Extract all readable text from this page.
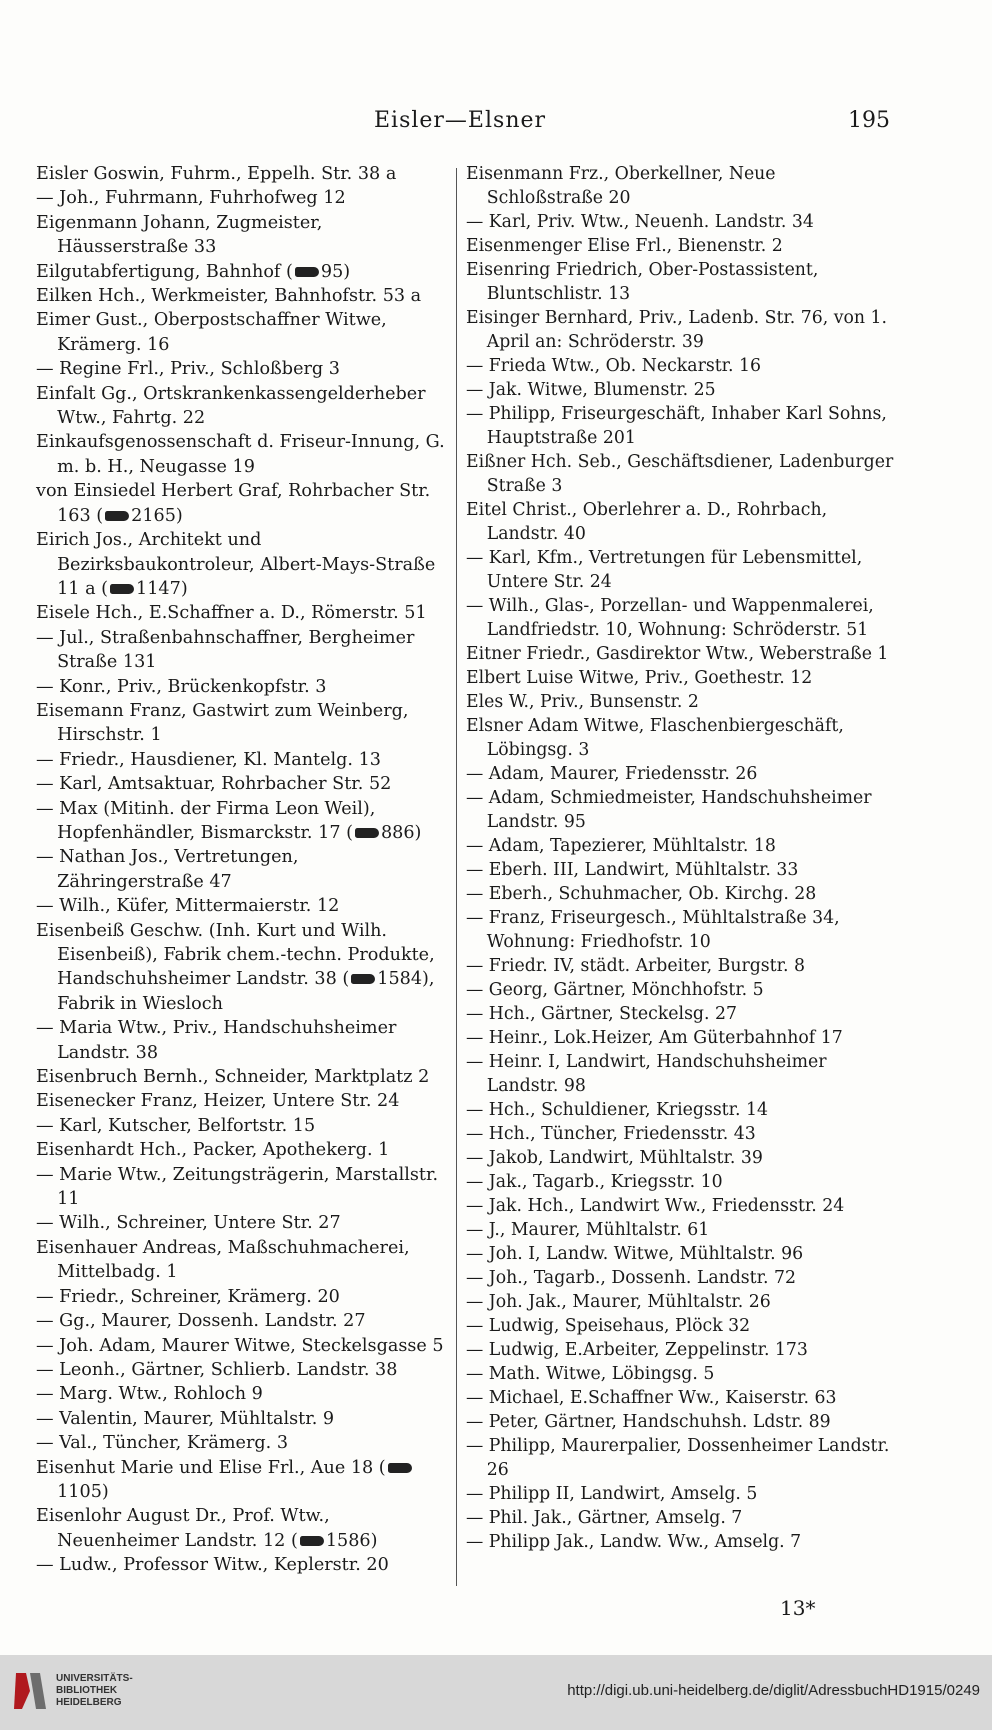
Eisler—Elsner	195
Eisler Goswin, Fuhrm., Eppelh. Str. 38 a
— Joh., Fuhrmann, Fuhrhofweg 12
Eigenmann Johann, Zugmeister, Häusserstraße 33
Eilgutabfertigung, Bahnhof ( 95)
Eilken Hch., Werkmeister, Bahnhofstr. 53 a
Eimer Gust., Oberpostschaffner Witwe, Krämerg. 16
— Regine Frl., Priv., Schloßberg 3
Einfalt Gg., Ortskrankenkassengelderheber Wtw., Fahrtg. 22
Einkaufsgenossenschaft d. Friseur-Innung, G. m. b. H., Neugasse 19
von Einsiedel Herbert Graf, Rohrbacher Str. 163 ( 2165)
Eirich Jos., Architekt und Bezirksbaukontroleur, Albert-Mays-Straße 11 a ( 1147)
Eisele Hch., E.Schaffner a. D., Römerstr. 51
— Jul., Straßenbahnschaffner, Bergheimer Straße 131
— Konr., Priv., Brückenkopfstr. 3
Eisemann Franz, Gastwirt zum Weinberg, Hirschstr. 1
— Friedr., Hausdiener, Kl. Mantelg. 13
— Karl, Amtsaktuar, Rohrbacher Str. 52
— Max (Mitinh. der Firma Leon Weil), Hopfenhändler, Bismarckstr. 17 ( 886)
— Nathan Jos., Vertretungen, Zähringerstraße 47
— Wilh., Küfer, Mittermaierstr. 12
Eisenbeiß Geschw. (Inh. Kurt und Wilh. Eisenbeiß), Fabrik chem.-techn. Produkte, Handschuhsheimer Landstr. 38 ( 1584), Fabrik in Wiesloch
— Maria Wtw., Priv., Handschuhsheimer Landstr. 38
Eisenbruch Bernh., Schneider, Marktplatz 2
Eisenecker Franz, Heizer, Untere Str. 24
— Karl, Kutscher, Belfortstr. 15
Eisenhardt Hch., Packer, Apothekerg. 1
— Marie Wtw., Zeitungsträgerin, Marstallstr. 11
— Wilh., Schreiner, Untere Str. 27
Eisenhauer Andreas, Maßschuhmacherei, Mittelbadg. 1
— Friedr., Schreiner, Krämerg. 20
— Gg., Maurer, Dossenh. Landstr. 27
— Joh. Adam, Maurer Witwe, Steckelsgasse 5
— Leonh., Gärtner, Schlierb. Landstr. 38
— Marg. Wtw., Rohloch 9
— Valentin, Maurer, Mühltalstr. 9
— Val., Tüncher, Krämerg. 3
Eisenhut Marie und Elise Frl., Aue 18 (1105)
Eisenlohr August Dr., Prof. Wtw., Neuenheimer Landstr. 12 ( 1586)
— Ludw., Professor Witw., Keplerstr. 20
Eisenmann Frz., Oberkellner, Neue Schloßstraße 20
— Karl, Priv. Wtw., Neuenh. Landstr. 34
Eisenmenger Elise Frl., Bienenstr. 2
Eisenring Friedrich, Ober-Postassistent, Bluntschlistr. 13
Eisinger Bernhard, Priv., Ladenb. Str. 76, von 1. April an: Schröderstr. 39
— Frieda Wtw., Ob. Neckarstr. 16
— Jak. Witwe, Blumenstr. 25
— Philipp, Friseurgeschäft, Inhaber Karl Sohns, Hauptstraße 201
Eißner Hch. Seb., Geschäftsdiener, Ladenburger Straße 3
Eitel Christ., Oberlehrer a. D., Rohrbach, Landstr. 40
— Karl, Kfm., Vertretungen für Lebensmittel, Untere Str. 24
— Wilh., Glas-, Porzellan- und Wappenmalerei, Landfriedstr. 10, Wohnung: Schröderstr. 51
Eitner Friedr., Gasdirektor Wtw., Weberstraße 1
Elbert Luise Witwe, Priv., Goethestr. 12
Eles W., Priv., Bunsenstr. 2
Elsner Adam Witwe, Flaschenbiergeschäft, Löbingsg. 3
— Adam, Maurer, Friedensstr. 26
— Adam, Schmiedmeister, Handschuhsheimer Landstr. 95
— Adam, Tapezierer, Mühltalstr. 18
— Eberh. III, Landwirt, Mühltalstr. 33
— Eberh., Schuhmacher, Ob. Kirchg. 28
— Franz, Friseurgesch., Mühltalstraße 34, Wohnung: Friedhofstr. 10
— Friedr. IV, städt. Arbeiter, Burgstr. 8
— Georg, Gärtner, Mönchhofstr. 5
— Hch., Gärtner, Steckelsg. 27
— Heinr., Lok.Heizer, Am Güterbahnhof 17
— Heinr. I, Landwirt, Handschuhsheimer Landstr. 98
— Hch., Schuldiener, Kriegsstr. 14
— Hch., Tüncher, Friedensstr. 43
— Jakob, Landwirt, Mühltalstr. 39
— Jak., Tagarb., Kriegsstr. 10
— Jak. Hch., Landwirt Ww., Friedensstr. 24
— J., Maurer, Mühltalstr. 61
— Joh. I, Landw. Witwe, Mühltalstr. 96
— Joh., Tagarb., Dossenh. Landstr. 72
— Joh. Jak., Maurer, Mühltalstr. 26
— Ludwig, Speisehaus, Plöck 32
— Ludwig, E.Arbeiter, Zeppelinstr. 173
— Math. Witwe, Löbingsg. 5
— Michael, E.Schaffner Ww., Kaiserstr. 63
— Peter, Gärtner, Handschuhsh. Ldstr. 89
— Philipp, Maurerpalier, Dossenheimer Landstr. 26
— Philipp II, Landwirt, Amselg. 5
— Phil. Jak., Gärtner, Amselg. 7
— Philipp Jak., Landw. Ww., Amselg. 7
13*
UNIVERSITÄTS-
BIBLIOTHEK
HEIDELBERG
http://digi.ub.uni-heidelberg.de/diglit/AdressbuchHD1915/0249
